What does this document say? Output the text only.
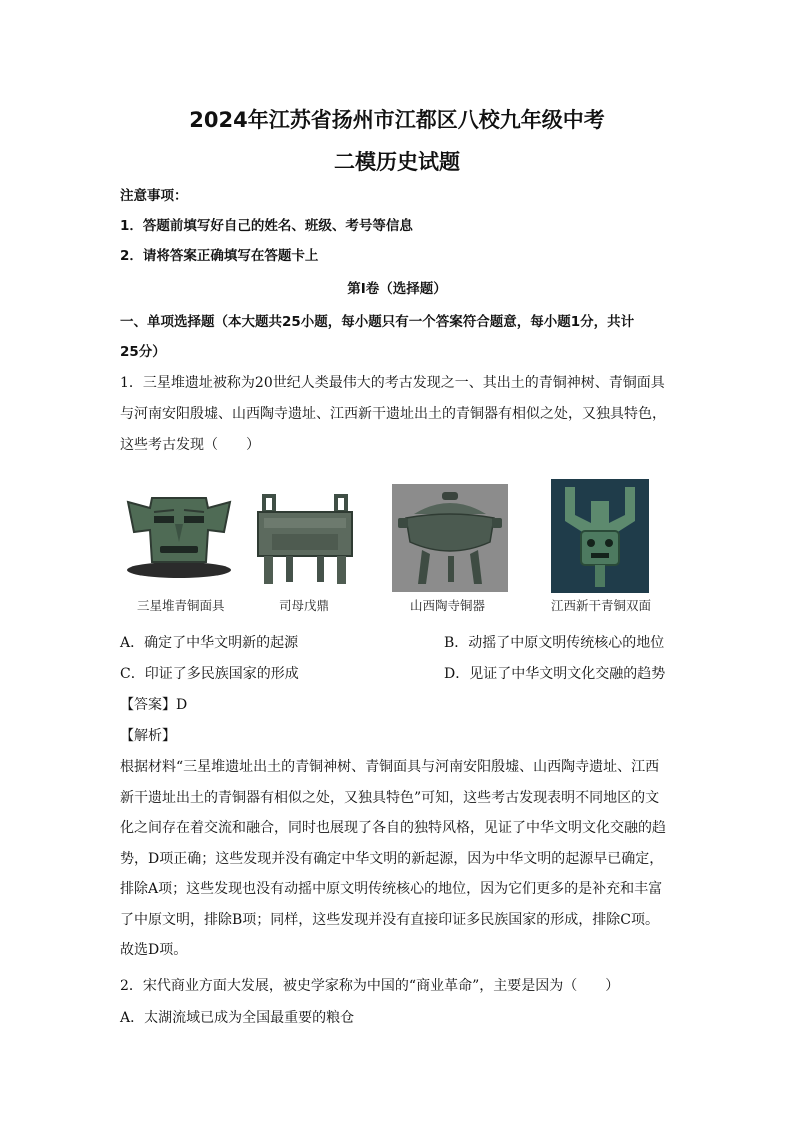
2024年江苏省扬州市江都区八校九年级中考
二模历史试题
注意事项：
1．答题前填写好自己的姓名、班级、考号等信息
2．请将答案正确填写在答题卡上
第I卷（选择题）
一、单项选择题（本大题共25小题，每小题只有一个答案符合题意，每小题1分，共计
25分）
1．三星堆遗址被称为20世纪人类最伟大的考古发现之一、其出土的青铜神树、青铜面具与河南安阳殷墟、山西陶寺遗址、江西新干遗址出土的青铜器有相似之处，又独具特色，这些考古发现（　　）
三星堆青铜面具	司母戊鼎	山西陶寺铜器	江西新干青铜双面
A．确定了中华文明新的起源	B．动摇了中原文明传统核心的地位
C．印证了多民族国家的形成	D．见证了中华文明文化交融的趋势
【答案】D
【解析】
根据材料“三星堆遗址出土的青铜神树、青铜面具与河南安阳殷墟、山西陶寺遗址、江西新干遗址出土的青铜器有相似之处，又独具特色”可知，这些考古发现表明不同地区的文化之间存在着交流和融合，同时也展现了各自的独特风格，见证了中华文明文化交融的趋势，D项正确；这些发现并没有确定中华文明的新起源，因为中华文明的起源早已确定，排除A项；这些发现也没有动摇中原文明传统核心的地位，因为它们更多的是补充和丰富了中原文明，排除B项；同样，这些发现并没有直接印证多民族国家的形成，排除C项。故选D项。
2．宋代商业方面大发展，被史学家称为中国的“商业革命”，主要是因为（　　）
A．太湖流域已成为全国最重要的粮仓
